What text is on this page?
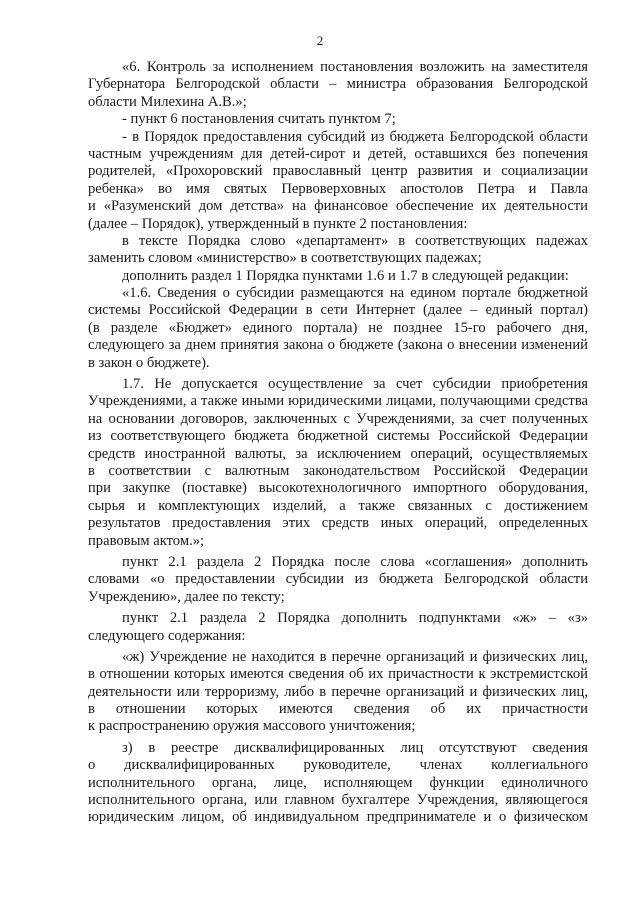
2
«6. Контроль за исполнением постановления возложить на заместителя
Губернатора Белгородской области – министра образования Белгородской
области Милехина А.В.»;
- пункт 6 постановления считать пунктом 7;
- в Порядок предоставления субсидий из бюджета Белгородской области
частным учреждениям для детей-сирот и детей, оставшихся без попечения
родителей, «Прохоровский православный центр развития и социализации
ребенка» во имя святых Первоверховных апостолов Петра и Павла
и «Разуменский дом детства» на финансовое обеспечение их деятельности
(далее – Порядок), утвержденный в пункте 2 постановления:
в тексте Порядка слово «департамент» в соответствующих падежах
заменить словом «министерство» в соответствующих падежах;
дополнить раздел 1 Порядка пунктами 1.6 и 1.7 в следующей редакции:
«1.6. Сведения о субсидии размещаются на едином портале бюджетной
системы Российской Федерации в сети Интернет (далее – единый портал)
(в разделе «Бюджет» единого портала) не позднее 15-го рабочего дня,
следующего за днем принятия закона о бюджете (закона о внесении изменений
в закон о бюджете).
1.7. Не допускается осуществление за счет субсидии приобретения
Учреждениями, а также иными юридическими лицами, получающими средства
на основании договоров, заключенных с Учреждениями, за счет полученных
из соответствующего бюджета бюджетной системы Российской Федерации
средств иностранной валюты, за исключением операций, осуществляемых
в соответствии с валютным законодательством Российской Федерации
при закупке (поставке) высокотехнологичного импортного оборудования,
сырья и комплектующих изделий, а также связанных с достижением
результатов предоставления этих средств иных операций, определенных
правовым актом.»;
пункт 2.1 раздела 2 Порядка после слова «соглашения» дополнить
словами «о предоставлении субсидии из бюджета Белгородской области
Учреждению», далее по тексту;
пункт 2.1 раздела 2 Порядка дополнить подпунктами «ж» – «з»
следующего содержания:
«ж) Учреждение не находится в перечне организаций и физических лиц,
в отношении которых имеются сведения об их причастности к экстремистской
деятельности или терроризму, либо в перечне организаций и физических лиц,
в отношении которых имеются сведения об их причастности
к распространению оружия массового уничтожения;
з) в реестре дисквалифицированных лиц отсутствуют сведения
о дисквалифицированных руководителе, членах коллегиального
исполнительного органа, лице, исполняющем функции единоличного
исполнительного органа, или главном бухгалтере Учреждения, являющегося
юридическим лицом, об индивидуальном предпринимателе и о физическом
